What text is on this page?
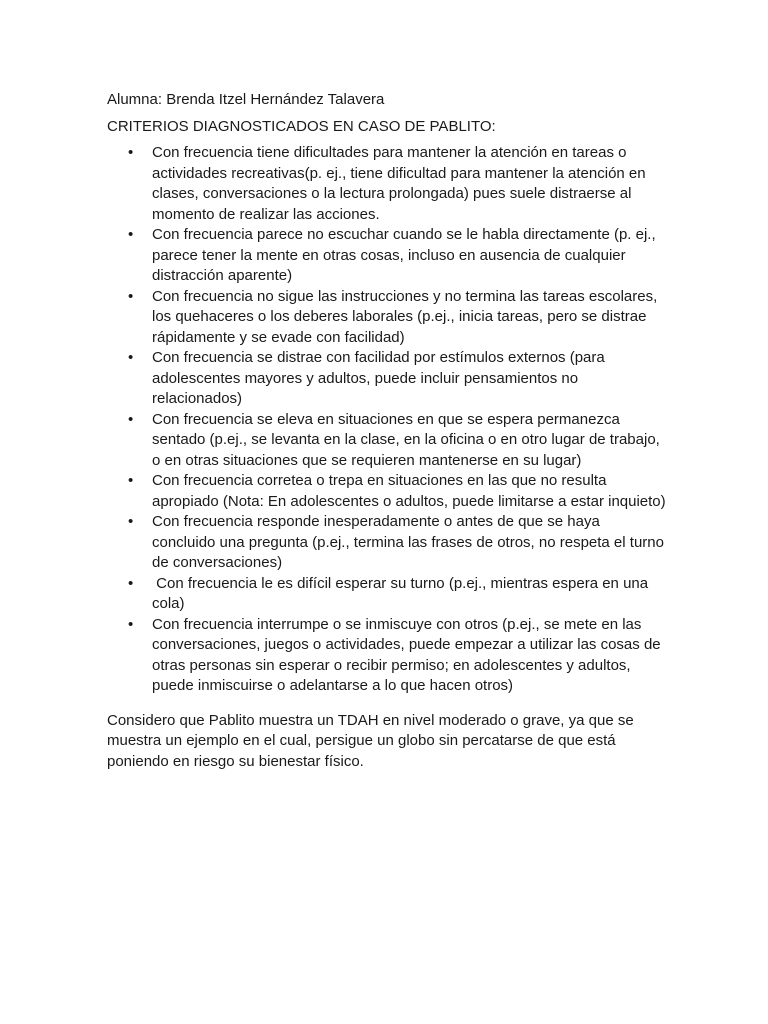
Alumna: Brenda Itzel Hernández Talavera

CRITERIOS DIAGNOSTICADOS EN CASO DE PABLITO:

• Con frecuencia tiene dificultades para mantener la atención en tareas o actividades recreativas(p. ej., tiene dificultad para mantener la atención en clases, conversaciones o la lectura prolongada) pues suele distraerse al momento de realizar las acciones.
• Con frecuencia parece no escuchar cuando se le habla directamente (p. ej., parece tener la mente en otras cosas, incluso en ausencia de cualquier distracción aparente)
• Con frecuencia no sigue las instrucciones y no termina las tareas escolares, los quehaceres o los deberes laborales (p.ej., inicia tareas, pero se distrae rápidamente y se evade con facilidad)
• Con frecuencia se distrae con facilidad por estímulos externos (para adolescentes mayores y adultos, puede incluir pensamientos no relacionados)
• Con frecuencia se eleva en situaciones en que se espera permanezca sentado (p.ej., se levanta en la clase, en la oficina o en otro lugar de trabajo, o en otras situaciones que se requieren mantenerse en su lugar)
• Con frecuencia corretea o trepa en situaciones en las que no resulta apropiado (Nota: En adolescentes o adultos, puede limitarse a estar inquieto)
• Con frecuencia responde inesperadamente o antes de que se haya concluido una pregunta (p.ej., termina las frases de otros, no respeta el turno de conversaciones)
• Con frecuencia le es difícil esperar su turno (p.ej., mientras espera en una cola)
• Con frecuencia interrumpe o se inmiscuye con otros (p.ej., se mete en las conversaciones, juegos o actividades, puede empezar a utilizar las cosas de otras personas sin esperar o recibir permiso; en adolescentes y adultos, puede inmiscuirse o adelantarse a lo que hacen otros)

Considero que Pablito muestra un TDAH en nivel moderado o grave, ya que se muestra un ejemplo en el cual, persigue un globo sin percatarse de que está poniendo en riesgo su bienestar físico.
